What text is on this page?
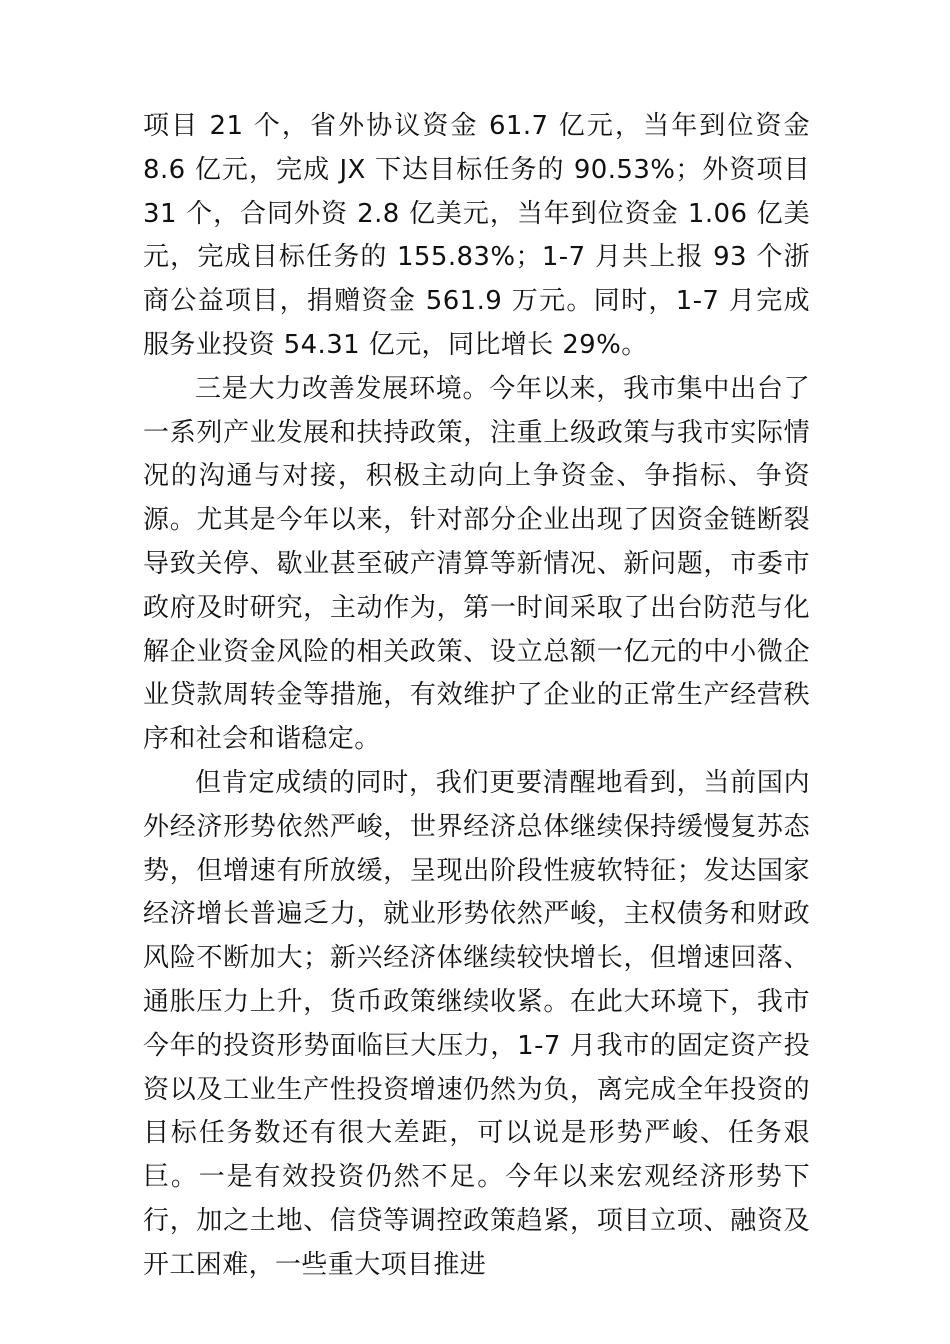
项目 21 个，省外协议资金 61.7 亿元，当年到位资金 8.6 亿元，完成 JX 下达目标任务的 90.53%；外资项目 31 个，合同外资 2.8 亿美元，当年到位资金 1.06 亿美元，完成目标任务的 155.83%；1-7 月共上报 93 个浙商公益项目，捐赠资金 561.9 万元。同时，1-7 月完成服务业投资 54.31 亿元，同比增长 29%。

三是大力改善发展环境。今年以来，我市集中出台了一系列产业发展和扶持政策，注重上级政策与我市实际情况的沟通与对接，积极主动向上争资金、争指标、争资源。尤其是今年以来，针对部分企业出现了因资金链断裂导致关停、歇业甚至破产清算等新情况、新问题，市委市政府及时研究，主动作为，第一时间采取了出台防范与化解企业资金风险的相关政策、设立总额一亿元的中小微企业贷款周转金等措施，有效维护了企业的正常生产经营秩序和社会和谐稳定。

但肯定成绩的同时，我们更要清醒地看到，当前国内外经济形势依然严峻，世界经济总体继续保持缓慢复苏态势，但增速有所放缓，呈现出阶段性疲软特征；发达国家经济增长普遍乏力，就业形势依然严峻，主权债务和财政风险不断加大；新兴经济体继续较快增长，但增速回落、通胀压力上升，货币政策继续收紧。在此大环境下，我市今年的投资形势面临巨大压力，1-7 月我市的固定资产投资以及工业生产性投资增速仍然为负，离完成全年投资的目标任务数还有很大差距，可以说是形势严峻、任务艰巨。一是有效投资仍然不足。今年以来宏观经济形势下行，加之土地、信贷等调控政策趋紧，项目立项、融资及开工困难，一些重大项目推进
